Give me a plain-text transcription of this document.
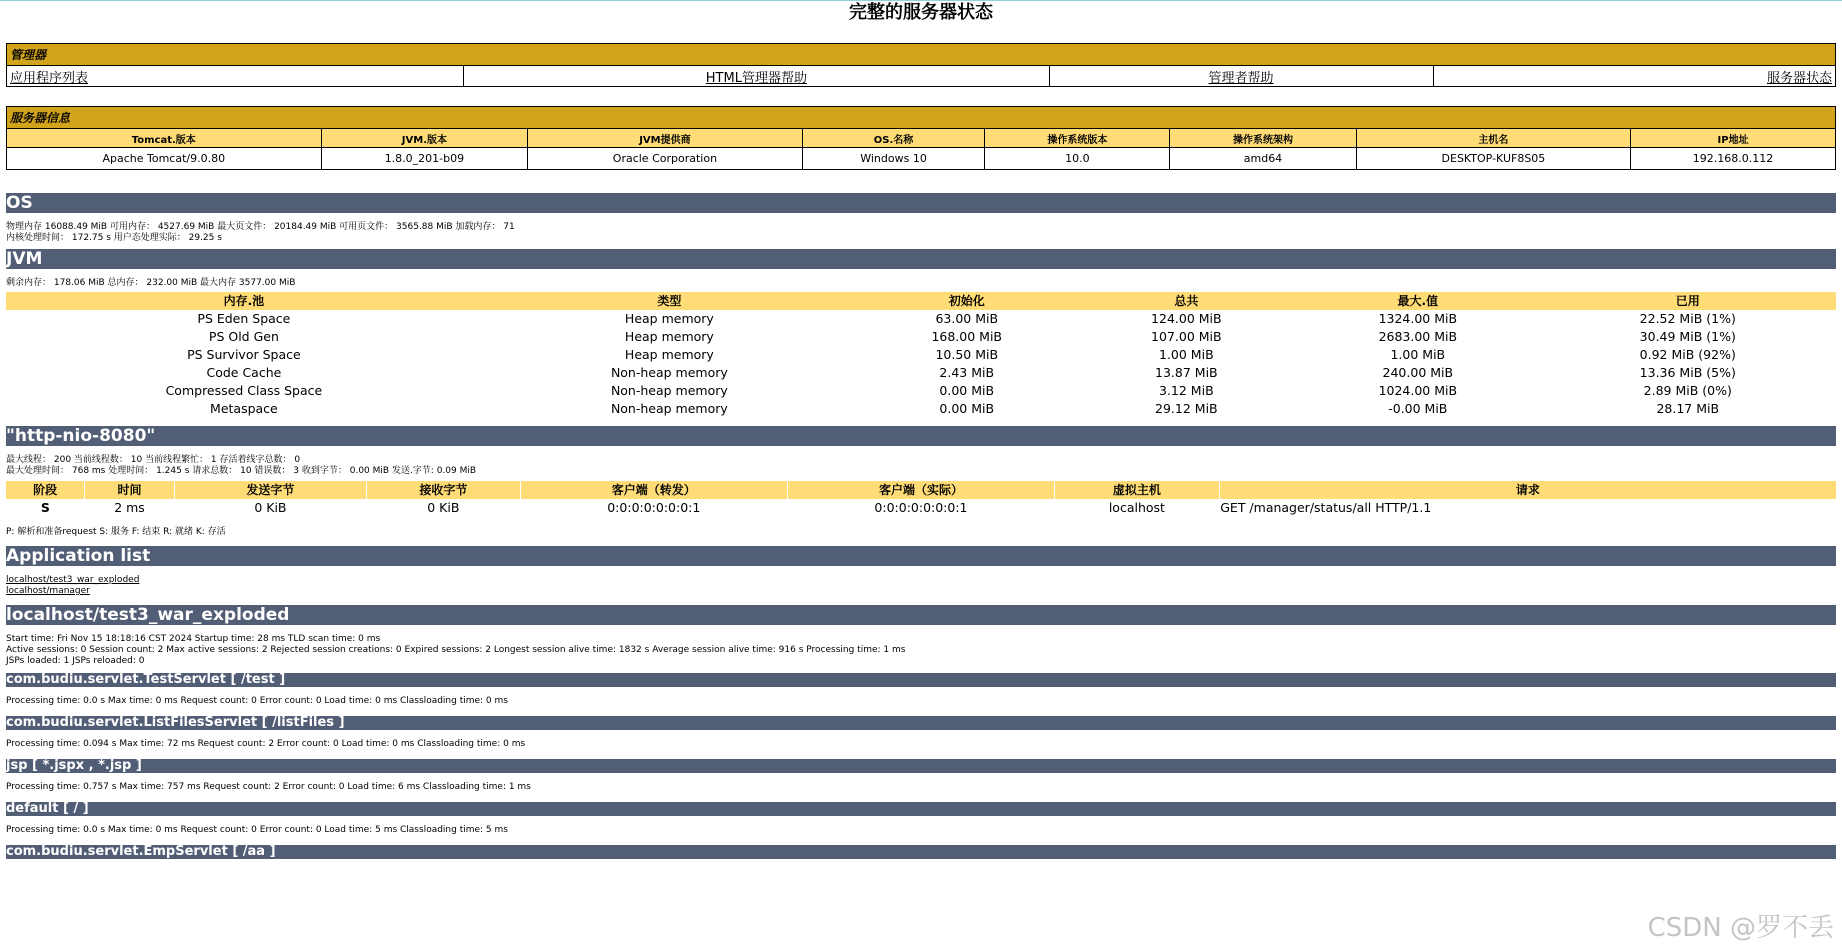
完整的服务器状态
管理器
应用程序列表	HTML管理器帮助	管理者帮助	服务器状态
服务器信息							
Tomcat.版本	JVM.版本	JVM提供商	OS.名称	操作系统版本	操作系统架构	主机名	IP地址
Apache Tomcat/9.0.80	1.8.0_201-b09	Oracle Corporation	Windows 10	10.0	amd64	DESKTOP-KUF8S05	192.168.0.112
OS
物理内存 16088.49 MiB 可用内存： 4527.69 MiB 最大页文件： 20184.49 MiB 可用页文件： 3565.88 MiB 加载内存： 71
内核处理时间： 172.75 s 用户态处理实际： 29.25 s
JVM
剩余内存： 178.06 MiB 总内存： 232.00 MiB 最大内存 3577.00 MiB
内存.池	类型	初始化	总共	最大.值	已用
PS Eden Space	Heap memory	63.00 MiB	124.00 MiB	1324.00 MiB	22.52 MiB (1%)
PS Old Gen	Heap memory	168.00 MiB	107.00 MiB	2683.00 MiB	30.49 MiB (1%)
PS Survivor Space	Heap memory	10.50 MiB	1.00 MiB	1.00 MiB	0.92 MiB (92%)
Code Cache	Non-heap memory	2.43 MiB	13.87 MiB	240.00 MiB	13.36 MiB (5%)
Compressed Class Space	Non-heap memory	0.00 MiB	3.12 MiB	1024.00 MiB	2.89 MiB (0%)
Metaspace	Non-heap memory	0.00 MiB	29.12 MiB	-0.00 MiB	28.17 MiB
"http-nio-8080"
最大线程： 200 当前线程数： 10 当前线程繁忙： 1 存活着线字总数： 0
最大处理时间： 768 ms 处理时间： 1.245 s 请求总数： 10 错误数： 3 收到字节： 0.00 MiB 发送.字节: 0.09 MiB
阶段	时间	发送字节	接收字节	客户端（转发）	客户端（实际）	虚拟主机	请求
S	2 ms	0 KiB	0 KiB	0:0:0:0:0:0:0:1	0:0:0:0:0:0:0:1	localhost	GET /manager/status/all HTTP/1.1
P: 解析和准备request S: 服务 F: 结束 R: 就绪 K: 存活
Application list
localhost/test3_war_exploded
localhost/manager
localhost/test3_war_exploded
Start time: Fri Nov 15 18:18:16 CST 2024 Startup time: 28 ms TLD scan time: 0 ms
Active sessions: 0 Session count: 2 Max active sessions: 2 Rejected session creations: 0 Expired sessions: 2 Longest session alive time: 1832 s Average session alive time: 916 s Processing time: 1 ms
JSPs loaded: 1 JSPs reloaded: 0
com.budiu.servlet.TestServlet [ /test ]
Processing time: 0.0 s Max time: 0 ms Request count: 0 Error count: 0 Load time: 0 ms Classloading time: 0 ms
com.budiu.servlet.ListFilesServlet [ /listFiles ]
Processing time: 0.094 s Max time: 72 ms Request count: 2 Error count: 0 Load time: 0 ms Classloading time: 0 ms
jsp [ *.jspx , *.jsp ]
Processing time: 0.757 s Max time: 757 ms Request count: 2 Error count: 0 Load time: 6 ms Classloading time: 1 ms
default [ / ]
Processing time: 0.0 s Max time: 0 ms Request count: 0 Error count: 0 Load time: 5 ms Classloading time: 5 ms
com.budiu.servlet.EmpServlet [ /aa ]
CSDN @罗不丢
